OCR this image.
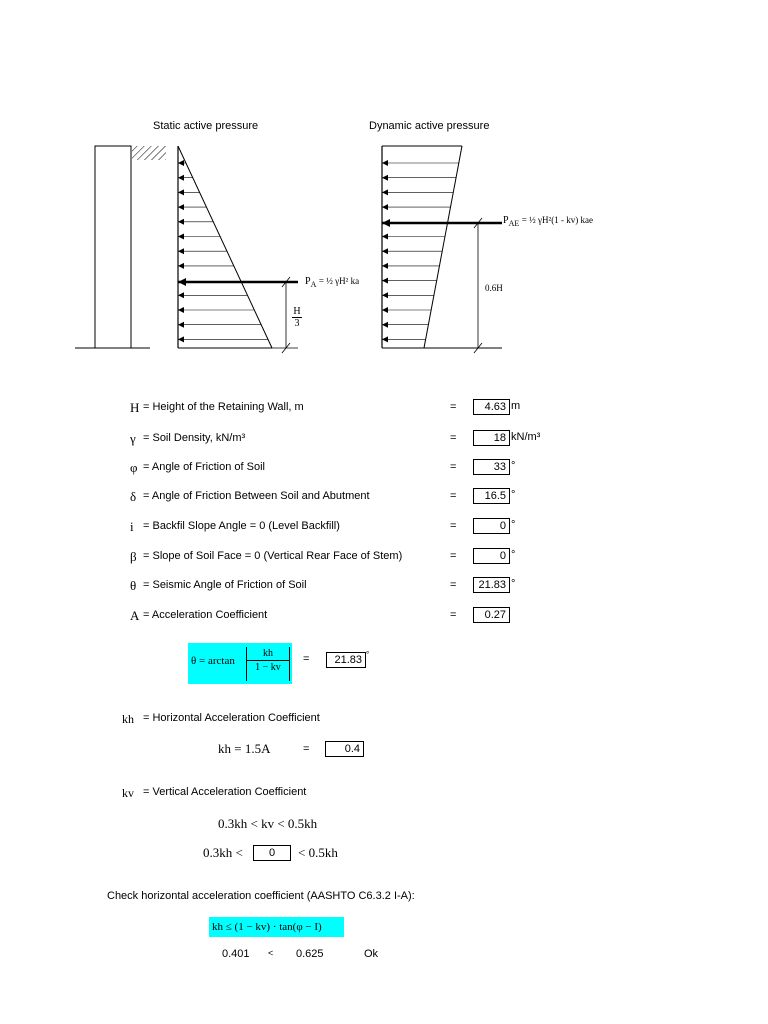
Static active pressure	Dynamic active pressure
$P_A$ = ½ γH² ka
H
3
$P_{AE}$ = ½ γH²(1 - kv) kae
0.6H
H = Height of the Retaining Wall, m	=	4.63 m
γ = Soil Density, kN/m³	=	18 kN/m³
φ = Angle of Friction of Soil	=	33 °
δ = Angle of Friction Between Soil and Abutment	=	16.5 °
i = Backfil Slope Angle = 0 (Level Backfill)	=	0 °
β = Slope of Soil Face = 0 (Vertical Rear Face of Stem)	=	0 °
θ = Seismic Angle of Friction of Soil	=	21.83 °
A = Acceleration Coefficient	=	0.27
θ = arctan
kh
1 − kv
=	21.83 °
kh = Horizontal Acceleration Coefficient
kh = 1.5A	=	0.4
kv = Vertical Acceleration Coefficient
0.3kh < kv < 0.5kh
0.3kh <	0	< 0.5kh
Check horizontal acceleration coefficient (AASHTO C6.3.2 I-A):
kh ≤ (1 − kv) · tan(φ − I)
0.401 < 0.625	Ok
